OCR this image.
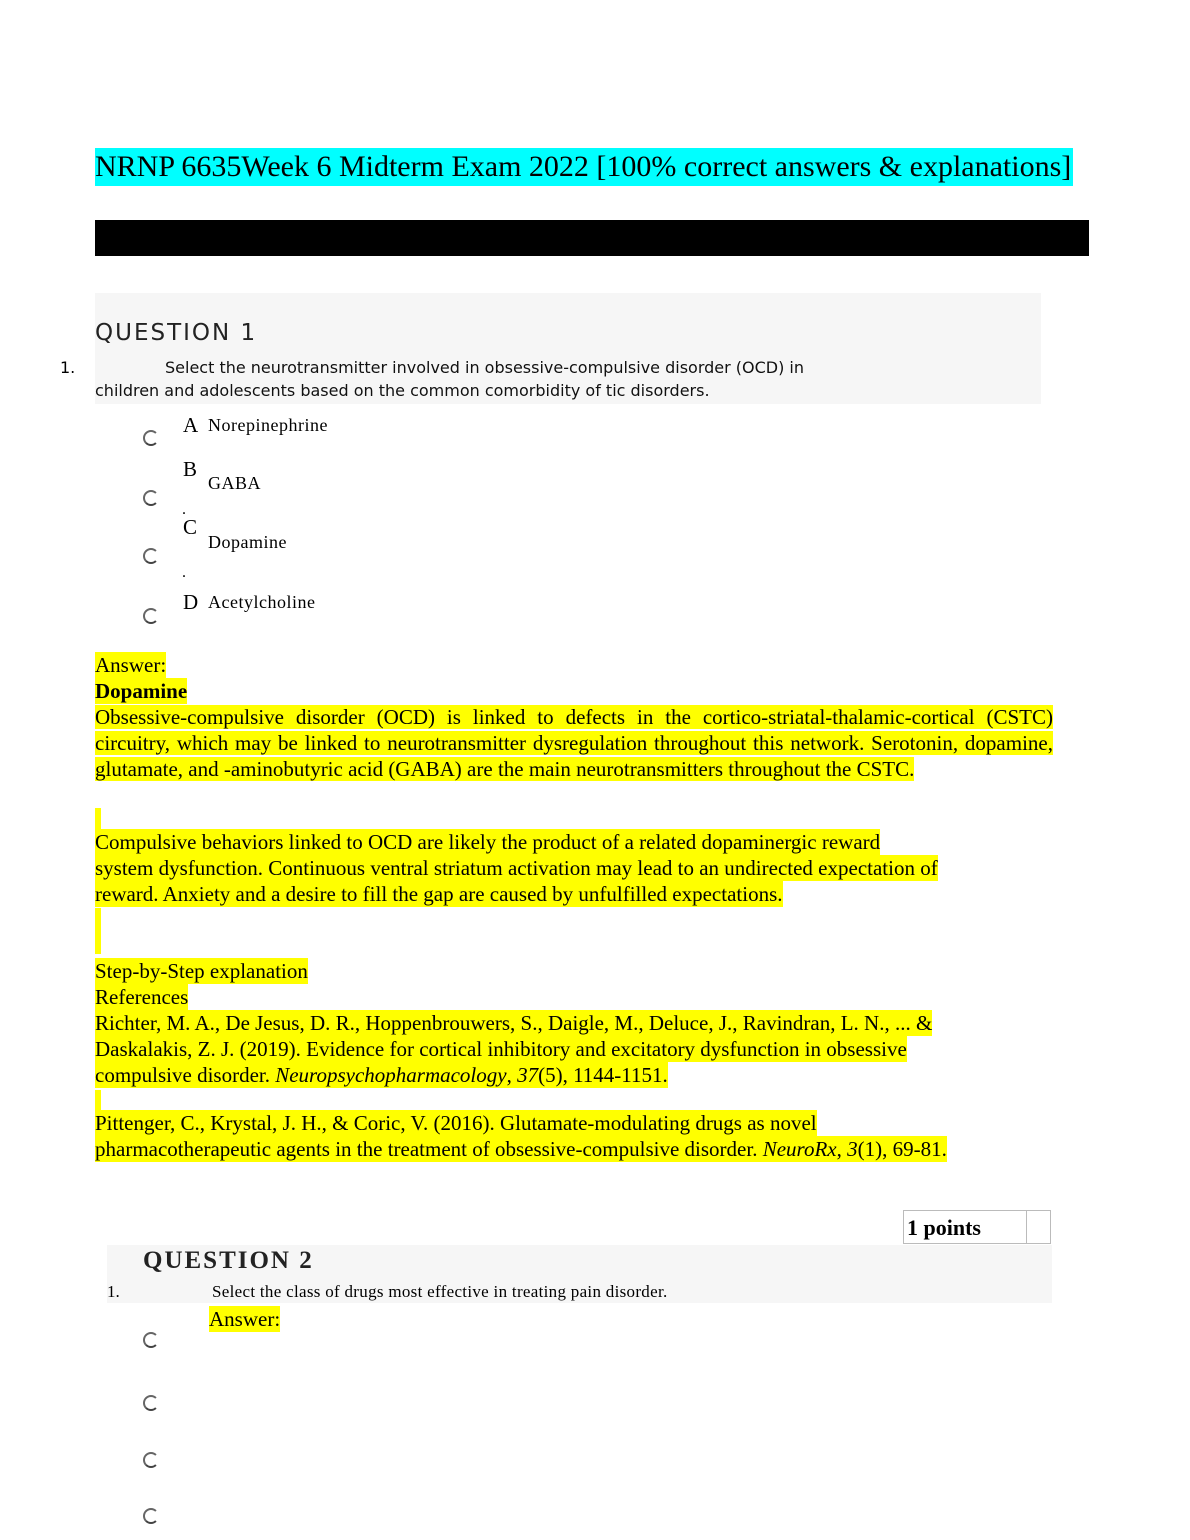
NRNP 6635Week 6 Midterm Exam 2022 [100% correct answers & explanations]
QUESTION 1
1.	Select the neurotransmitter involved in obsessive-compulsive disorder (OCD) in
children and adolescents based on the common comorbidity of tic disorders.
A Norepinephrine
B
GABA
.
C
Dopamine
.
D Acetylcholine
Answer:
Dopamine
Obsessive-compulsive disorder (OCD) is linked to defects in the cortico-striatal-thalamic-cortical (CSTC) circuitry, which may be linked to neurotransmitter dysregulation throughout this network. Serotonin, dopamine, glutamate, and -aminobutyric acid (GABA) are the main neurotransmitters throughout the CSTC.
Compulsive behaviors linked to OCD are likely the product of a related dopaminergic reward
system dysfunction. Continuous ventral striatum activation may lead to an undirected expectation of
reward. Anxiety and a desire to fill the gap are caused by unfulfilled expectations.
Step-by-Step explanation
References
Richter, M. A., De Jesus, D. R., Hoppenbrouwers, S., Daigle, M., Deluce, J., Ravindran, L. N., ... &
Daskalakis, Z. J. (2019). Evidence for cortical inhibitory and excitatory dysfunction in obsessive
compulsive disorder. Neuropsychopharmacology, 37(5), 1144-1151.
Pittenger, C., Krystal, J. H., & Coric, V. (2016). Glutamate-modulating drugs as novel
pharmacotherapeutic agents in the treatment of obsessive-compulsive disorder. NeuroRx, 3(1), 69-81.
1 points
QUESTION 2
1.	Select the class of drugs most effective in treating pain disorder.
Answer:
